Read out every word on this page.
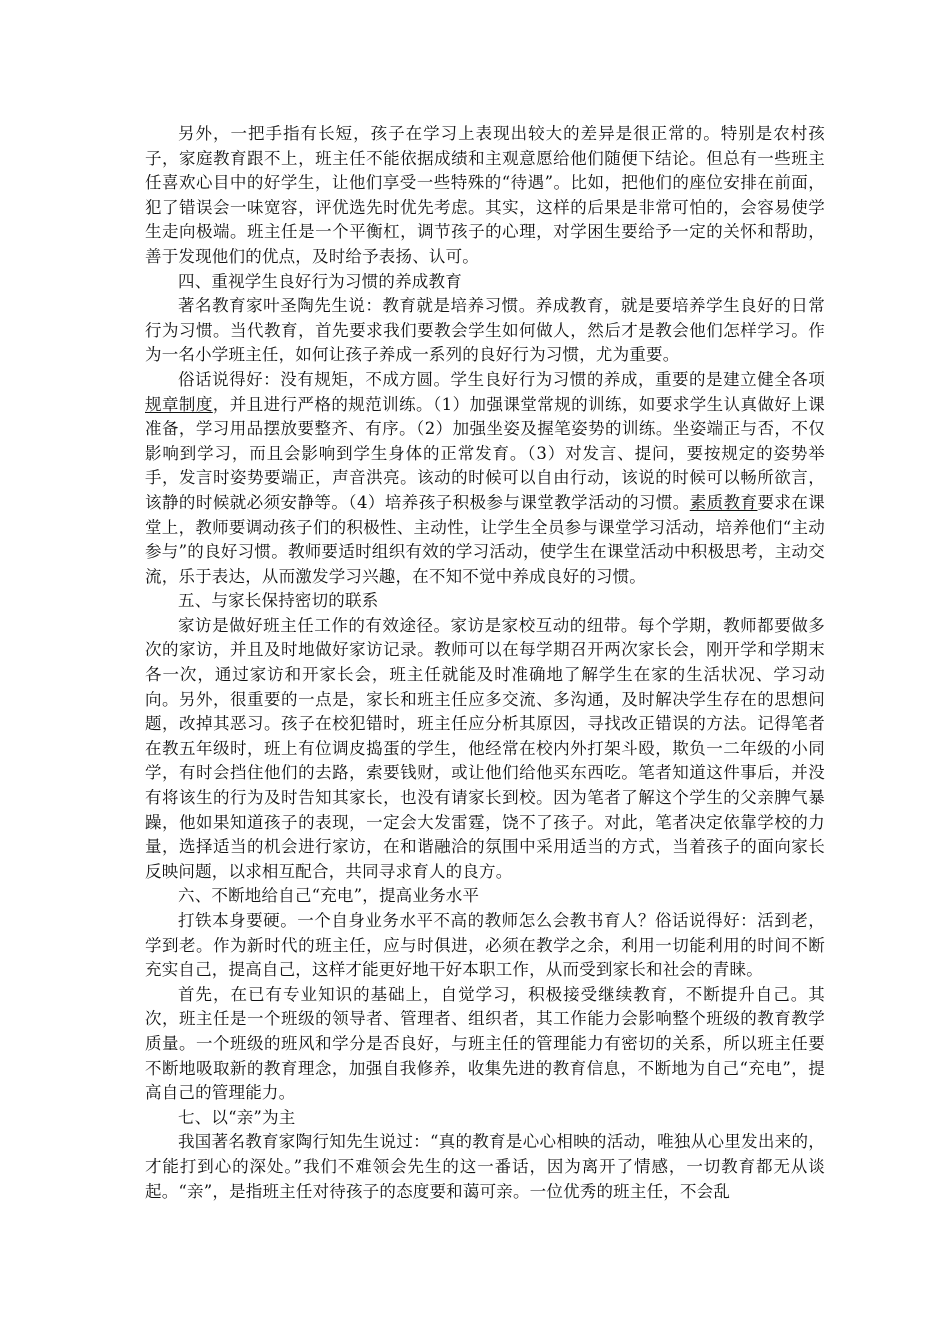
另外，一把手指有长短，孩子在学习上表现出较大的差异是很正常的。特别是农村孩子，家庭教育跟不上，班主任不能依据成绩和主观意愿给他们随便下结论。但总有一些班主任喜欢心目中的好学生，让他们享受一些特殊的“待遇”。比如，把他们的座位安排在前面，犯了错误会一味宽容，评优选先时优先考虑。其实，这样的后果是非常可怕的，会容易使学生走向极端。班主任是一个平衡杠，调节孩子的心理，对学困生要给予一定的关怀和帮助，善于发现他们的优点，及时给予表扬、认可。

四、重视学生良好行为习惯的养成教育

著名教育家叶圣陶先生说：教育就是培养习惯。养成教育，就是要培养学生良好的日常行为习惯。当代教育，首先要求我们要教会学生如何做人，然后才是教会他们怎样学习。作为一名小学班主任，如何让孩子养成一系列的良好行为习惯，尤为重要。

俗话说得好：没有规矩，不成方圆。学生良好行为习惯的养成，重要的是建立健全各项规章制度，并且进行严格的规范训练。（1）加强课堂常规的训练，如要求学生认真做好上课准备，学习用品摆放要整齐、有序。（2）加强坐姿及握笔姿势的训练。坐姿端正与否，不仅影响到学习，而且会影响到学生身体的正常发育。（3）对发言、提问，要按规定的姿势举手，发言时姿势要端正，声音洪亮。该动的时候可以自由行动，该说的时候可以畅所欲言，该静的时候就必须安静等。（4）培养孩子积极参与课堂教学活动的习惯。素质教育要求在课堂上，教师要调动孩子们的积极性、主动性，让学生全员参与课堂学习活动，培养他们“主动参与”的良好习惯。教师要适时组织有效的学习活动，使学生在课堂活动中积极思考，主动交流，乐于表达，从而激发学习兴趣，在不知不觉中养成良好的习惯。

五、与家长保持密切的联系

家访是做好班主任工作的有效途径。家访是家校互动的纽带。每个学期，教师都要做多次的家访，并且及时地做好家访记录。教师可以在每学期召开两次家长会，刚开学和学期末各一次，通过家访和开家长会，班主任就能及时准确地了解学生在家的生活状况、学习动向。另外，很重要的一点是，家长和班主任应多交流、多沟通，及时解决学生存在的思想问题，改掉其恶习。孩子在校犯错时，班主任应分析其原因，寻找改正错误的方法。记得笔者在教五年级时，班上有位调皮捣蛋的学生，他经常在校内外打架斗殴，欺负一二年级的小同学，有时会挡住他们的去路，索要钱财，或让他们给他买东西吃。笔者知道这件事后，并没有将该生的行为及时告知其家长，也没有请家长到校。因为笔者了解这个学生的父亲脾气暴躁，他如果知道孩子的表现，一定会大发雷霆，饶不了孩子。对此，笔者决定依靠学校的力量，选择适当的机会进行家访，在和谐融洽的氛围中采用适当的方式，当着孩子的面向家长反映问题，以求相互配合，共同寻求育人的良方。

六、不断地给自己“充电”，提高业务水平

打铁本身要硬。一个自身业务水平不高的教师怎么会教书育人？俗话说得好：活到老，学到老。作为新时代的班主任，应与时俱进，必须在教学之余，利用一切能利用的时间不断充实自己，提高自己，这样才能更好地干好本职工作，从而受到家长和社会的青睐。

首先，在已有专业知识的基础上，自觉学习，积极接受继续教育，不断提升自己。其次，班主任是一个班级的领导者、管理者、组织者，其工作能力会影响整个班级的教育教学质量。一个班级的班风和学分是否良好，与班主任的管理能力有密切的关系，所以班主任要不断地吸取新的教育理念，加强自我修养，收集先进的教育信息，不断地为自己“充电”，提高自己的管理能力。

七、以“亲”为主

我国著名教育家陶行知先生说过：“真的教育是心心相映的活动，唯独从心里发出来的，才能打到心的深处。”我们不难领会先生的这一番话，因为离开了情感，一切教育都无从谈起。“亲”，是指班主任对待孩子的态度要和蔼可亲。一位优秀的班主任，不会乱
